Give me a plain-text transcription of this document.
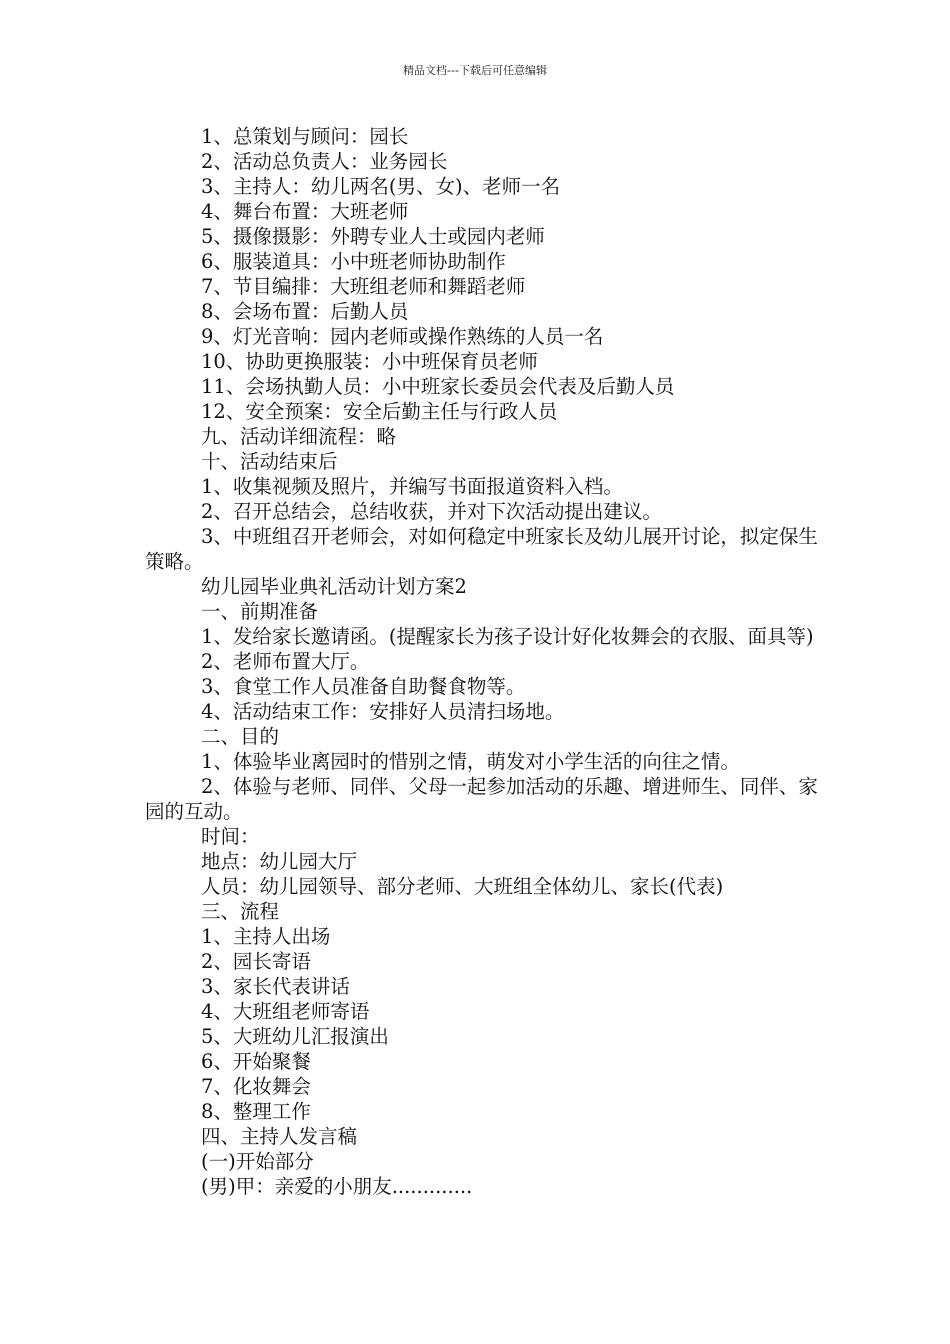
精品文档---下载后可任意编辑

1、总策划与顾问：园长

2、活动总负责人：业务园长

3、主持人：幼儿两名(男、女)、老师一名

4、舞台布置：大班老师

5、摄像摄影：外聘专业人士或园内老师

6、服装道具：小中班老师协助制作

7、节目编排：大班组老师和舞蹈老师

8、会场布置：后勤人员

9、灯光音响：园内老师或操作熟练的人员一名

10、协助更换服装：小中班保育员老师

11、会场执勤人员：小中班家长委员会代表及后勤人员

12、安全预案：安全后勤主任与行政人员

九、活动详细流程：略

十、活动结束后

1、收集视频及照片，并编写书面报道资料入档。

2、召开总结会，总结收获，并对下次活动提出建议。

3、中班组召开老师会，对如何稳定中班家长及幼儿展开讨论，拟定保生策略。

幼儿园毕业典礼活动计划方案2

一、前期准备

1、发给家长邀请函。(提醒家长为孩子设计好化妆舞会的衣服、面具等)

2、老师布置大厅。

3、食堂工作人员准备自助餐食物等。

4、活动结束工作：安排好人员清扫场地。

二、目的

1、体验毕业离园时的惜别之情，萌发对小学生活的向往之情。

2、体验与老师、同伴、父母一起参加活动的乐趣、增进师生、同伴、家园的互动。

时间：

地点：幼儿园大厅

人员：幼儿园领导、部分老师、大班组全体幼儿、家长(代表)

三、流程

1、主持人出场

2、园长寄语

3、家长代表讲话

4、大班组老师寄语

5、大班幼儿汇报演出

6、开始聚餐

7、化妆舞会

8、整理工作

四、主持人发言稿

(一)开始部分

(男)甲：亲爱的小朋友.............
